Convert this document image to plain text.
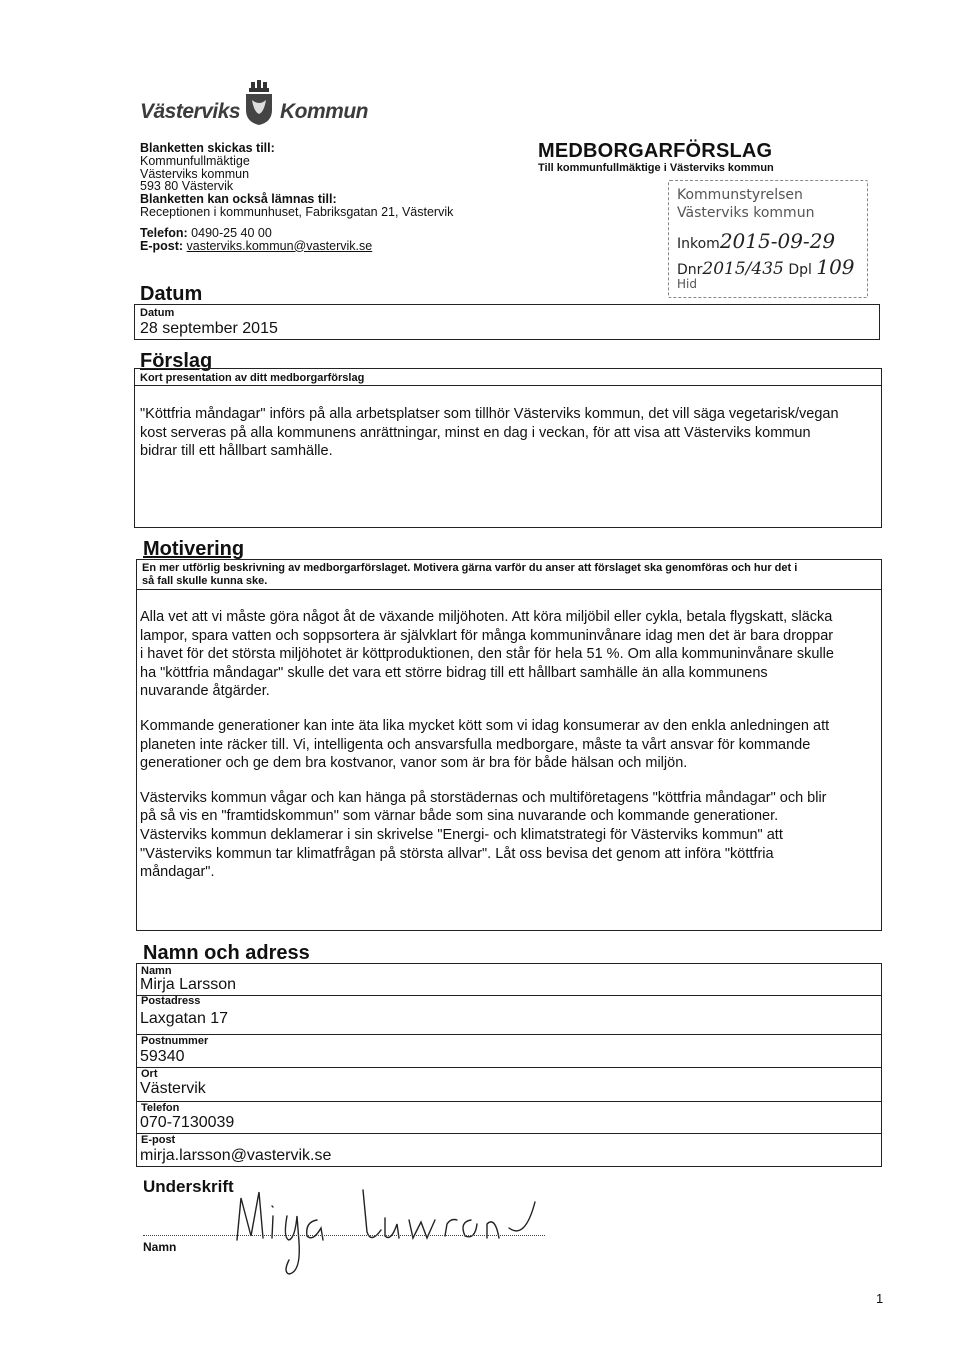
Västerviks Kommun
Blanketten skickas till:
Kommunfullmäktige
Västerviks kommun
593 80 Västervik
Blanketten kan också lämnas till:
Receptionen i kommunhuset, Fabriksgatan 21, Västervik
Telefon: 0490-25 40 00
E-post: vasterviks.kommun@vastervik.se
MEDBORGARFÖRSLAG
Till kommunfullmäktige i Västerviks kommun
Kommunstyrelsen
Västerviks kommun
Inkom2015-09-29
Dnr2015/435 Dpl 109
Hid
Datum
Datum
28 september 2015
Förslag
Kort presentation av ditt medborgarförslag
"Köttfria måndagar" införs på alla arbetsplatser som tillhör Västerviks kommun, det vill säga vegetarisk/vegan
kost serveras på alla kommunens anrättningar, minst en dag i veckan, för att visa att Västerviks kommun
bidrar till ett hållbart samhälle.
Motivering
En mer utförlig beskrivning av medborgarförslaget. Motivera gärna varför du anser att förslaget ska genomföras och hur det i
så fall skulle kunna ske.

Alla vet att vi måste göra något åt de växande miljöhoten. Att köra miljöbil eller cykla, betala flygskatt, släcka
lampor, spara vatten och soppsortera är självklart för många kommuninvånare idag men det är bara droppar
i havet för det största miljöhotet är köttproduktionen, den står för hela 51 %. Om alla kommuninvånare skulle
ha "köttfria måndagar" skulle det vara ett större bidrag till ett hållbart samhälle än alla kommunens
nuvarande åtgärder.

Kommande generationer kan inte äta lika mycket kött som vi idag konsumerar av den enkla anledningen att
planeten inte räcker till. Vi, intelligenta och ansvarsfulla medborgare, måste ta vårt ansvar för kommande
generationer och ge dem bra kostvanor, vanor som är bra för både hälsan och miljön.

Västerviks kommun vågar och kan hänga på storstädernas och multiföretagens "köttfria måndagar" och blir
på så vis en "framtidskommun" som värnar både som sina nuvarande och kommande generationer.
Västerviks kommun deklamerar i sin skrivelse "Energi- och klimatstrategi för Västerviks kommun" att
"Västerviks kommun tar klimatfrågan på största allvar". Låt oss bevisa det genom att införa "köttfria
måndagar".

Namn och adress
Namn
Mirja Larsson
Postadress
Laxgatan 17
Postnummer
59340
Ort
Västervik
Telefon
070-7130039
E-post
mirja.larsson@vastervik.se
Underskrift
Namn
1
